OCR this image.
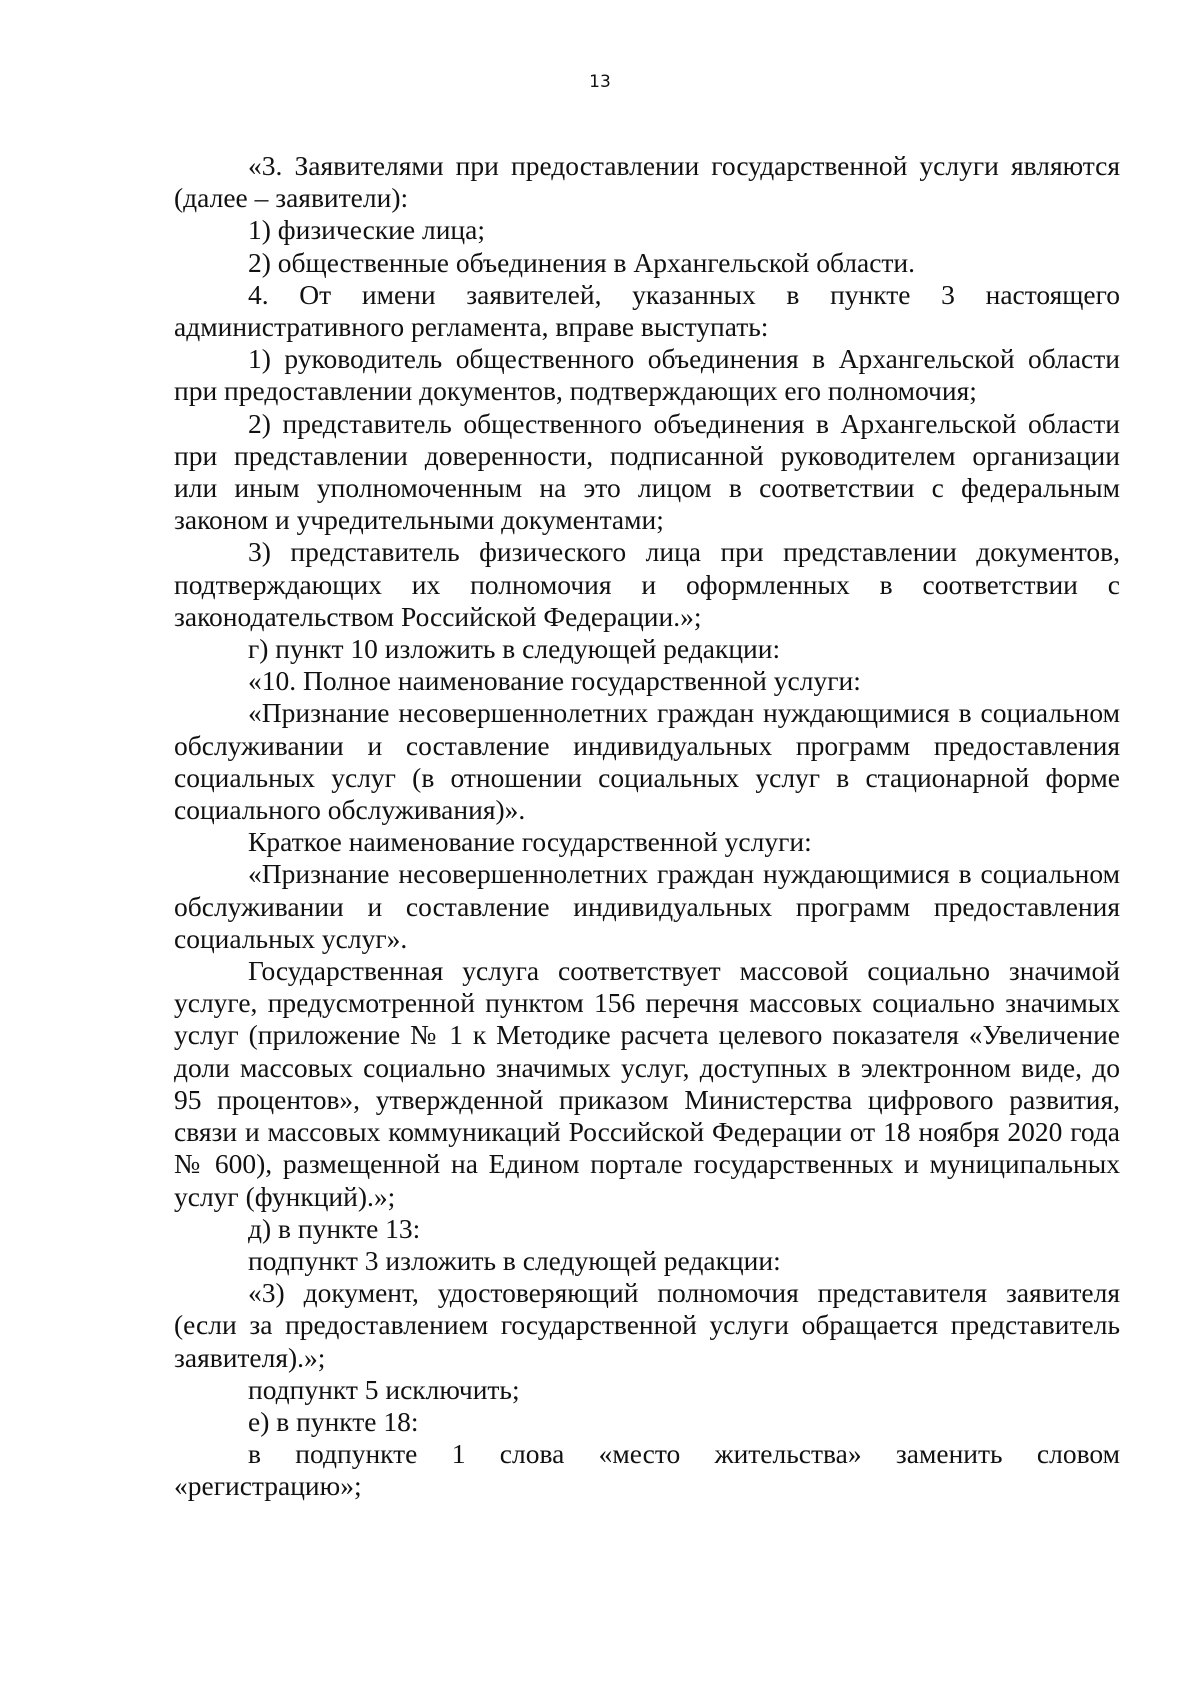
13

«3. Заявителями при предоставлении государственной услуги являются (далее – заявители):

1) физические лица;

2) общественные объединения в Архангельской области.

4. От имени заявителей, указанных в пункте 3 настоящего административного регламента, вправе выступать:

1) руководитель общественного объединения в Архангельской области при предоставлении документов, подтверждающих его полномочия;

2) представитель общественного объединения в Архангельской области при представлении доверенности, подписанной руководителем организации или иным уполномоченным на это лицом в соответствии с федеральным законом и учредительными документами;

3) представитель физического лица при представлении документов, подтверждающих их полномочия и оформленных в соответствии с законодательством Российской Федерации.»;

г) пункт 10 изложить в следующей редакции:

«10. Полное наименование государственной услуги:

«Признание несовершеннолетних граждан нуждающимися в социальном обслуживании и составление индивидуальных программ предоставления социальных услуг (в отношении социальных услуг в стационарной форме социального обслуживания)».

Краткое наименование государственной услуги:

«Признание несовершеннолетних граждан нуждающимися в социальном обслуживании и составление индивидуальных программ предоставления социальных услуг».

Государственная услуга соответствует массовой социально значимой услуге, предусмотренной пунктом 156 перечня массовых социально значимых услуг (приложение № 1 к Методике расчета целевого показателя «Увеличение доли массовых социально значимых услуг, доступных в электронном виде, до 95 процентов», утвержденной приказом Министерства цифрового развития, связи и массовых коммуникаций Российской Федерации от 18 ноября 2020 года № 600), размещенной на Едином портале государственных и муниципальных услуг (функций).»;

д) в пункте 13:

подпункт 3 изложить в следующей редакции:

«3) документ, удостоверяющий полномочия представителя заявителя (если за предоставлением государственной услуги обращается представитель заявителя).»;

подпункт 5 исключить;

е) в пункте 18:

в подпункте 1 слова «место жительства» заменить словом «регистрацию»;
